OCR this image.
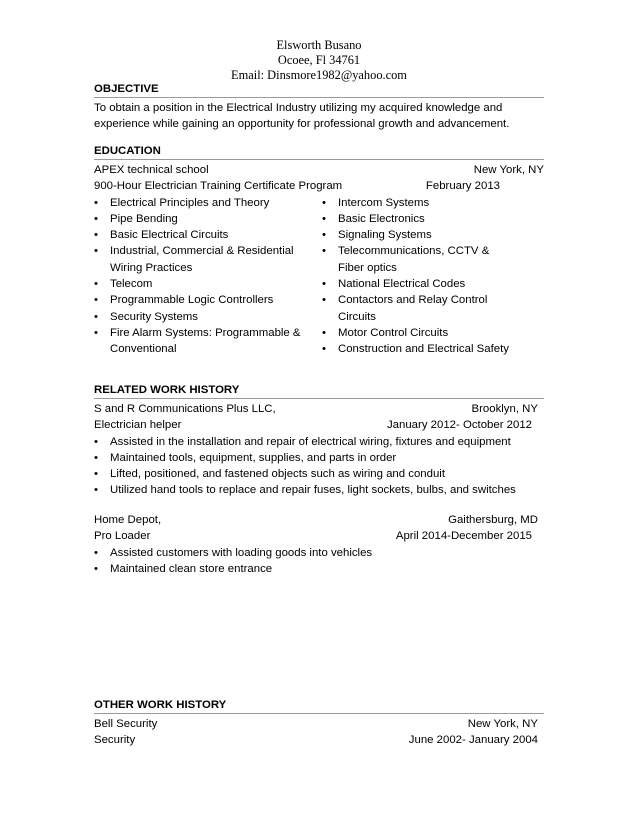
Elsworth Busano
Ocoee, Fl 34761
Email: Dinsmore1982@yahoo.com
OBJECTIVE
To obtain a position in the Electrical Industry utilizing my acquired knowledge and
experience while gaining an opportunity for professional growth and advancement.
EDUCATION
APEX technical school	New York, NY
900-Hour Electrician Training Certificate Program	February 2013
• Electrical Principles and Theory
• Pipe Bending
• Basic Electrical Circuits
• Industrial, Commercial & Residential Wiring Practices
• Telecom
• Programmable Logic Controllers
• Security Systems
• Fire Alarm Systems: Programmable & Conventional
• Intercom Systems
• Basic Electronics
• Signaling Systems
• Telecommunications, CCTV & Fiber optics
• National Electrical Codes
• Contactors and Relay Control Circuits
• Motor Control Circuits
• Construction and Electrical Safety
RELATED WORK HISTORY
S and R Communications Plus LLC,	Brooklyn, NY
Electrician helper	January 2012- October 2012
• Assisted in the installation and repair of electrical wiring, fixtures and equipment
• Maintained tools, equipment, supplies, and parts in order
• Lifted, positioned, and fastened objects such as wiring and conduit
• Utilized hand tools to replace and repair fuses, light sockets, bulbs, and switches
Home Depot,	Gaithersburg, MD
Pro Loader	April 2014-December 2015
• Assisted customers with loading goods into vehicles
• Maintained clean store entrance
OTHER WORK HISTORY
Bell Security	New York, NY
Security	June 2002- January 2004
